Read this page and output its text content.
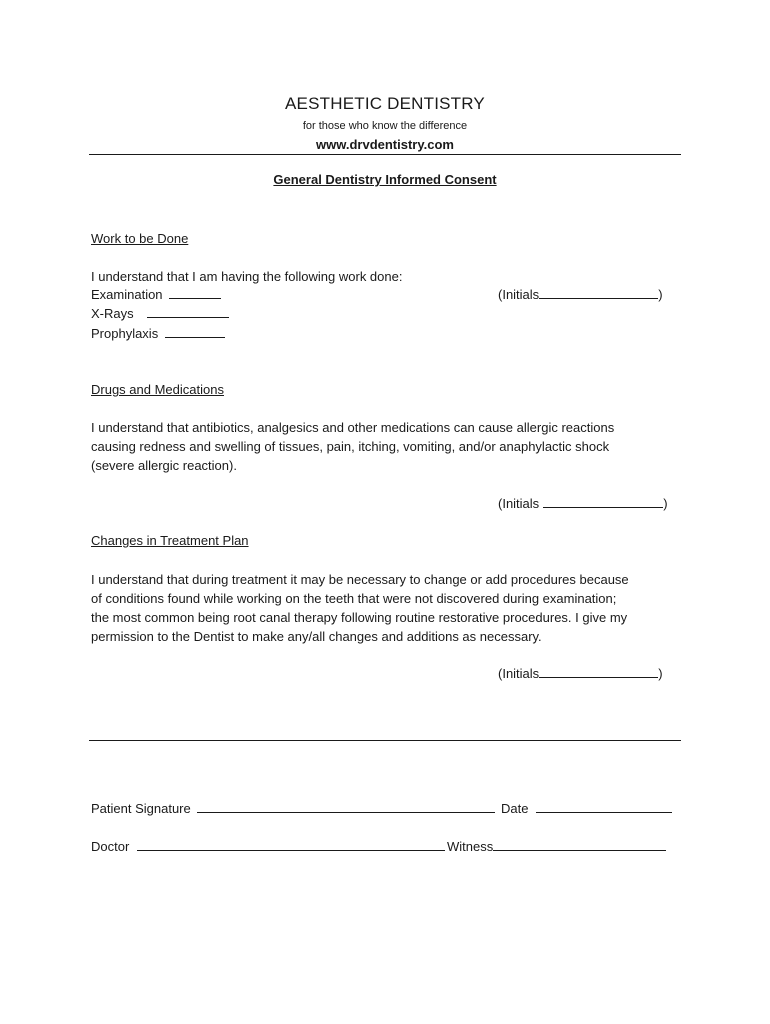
AESTHETIC DENTISTRY
for those who know the difference
www.drvdentistry.com
General Dentistry Informed Consent
Work to be Done
I understand that I am having the following work done:
Examination
X-Rays
Prophylaxis
(Initials	)
Drugs and Medications
I understand that antibiotics, analgesics and other medications can cause allergic reactions
causing redness and swelling of tissues, pain, itching, vomiting, and/or anaphylactic shock
(severe allergic reaction).
(Initials	)
Changes in Treatment Plan
I understand that during treatment it may be necessary to change or add procedures because
of conditions found while working on the teeth that were not discovered during examination;
the most common being root canal therapy following routine restorative procedures. I give my
permission to the Dentist to make any/all changes and additions as necessary.
(Initials	)
Patient Signature	Date
Doctor	Witness
